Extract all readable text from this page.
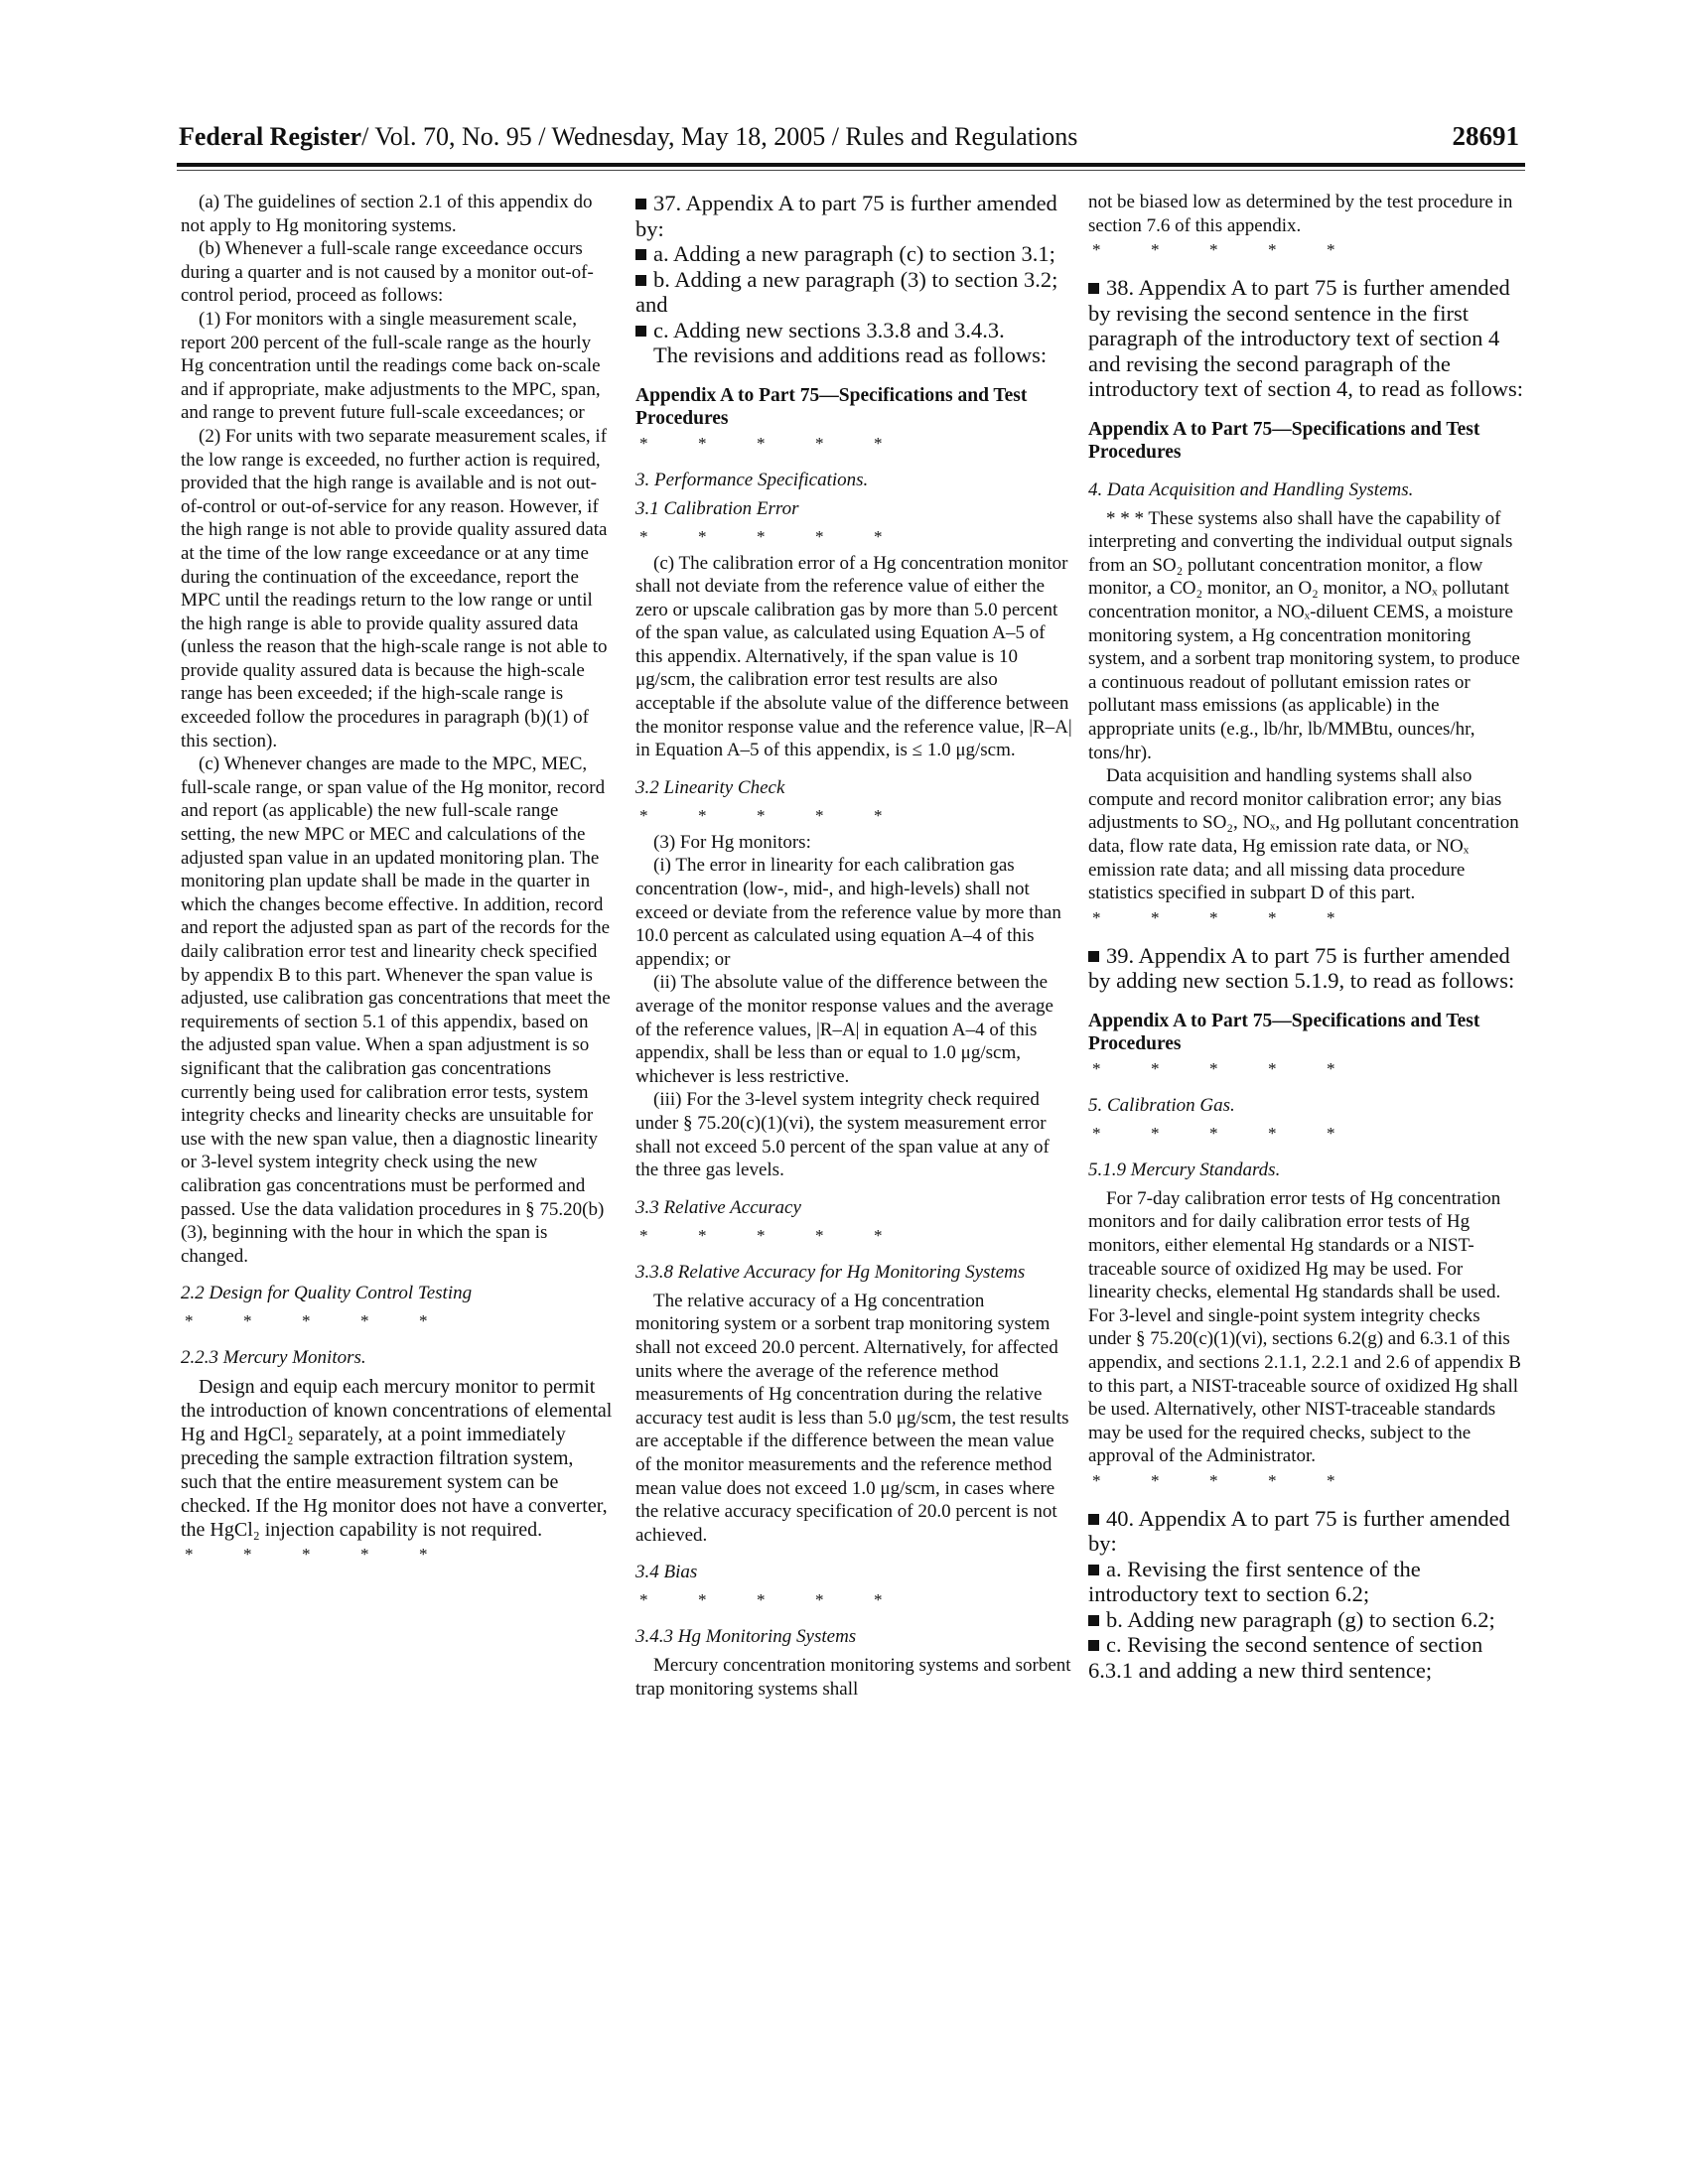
Federal Register/ Vol. 70, No. 95 / Wednesday, May 18, 2005 / Rules and Regulations	28691

(a) The guidelines of section 2.1 of this appendix do not apply to Hg monitoring systems.

(b) Whenever a full-scale range exceedance occurs during a quarter and is not caused by a monitor out-of-control period, proceed as follows:

(1) For monitors with a single measurement scale, report 200 percent of the full-scale range as the hourly Hg concentration until the readings come back on-scale and if appropriate, make adjustments to the MPC, span, and range to prevent future full-scale exceedances; or

(2) For units with two separate measurement scales, if the low range is exceeded, no further action is required, provided that the high range is available and is not out-of-control or out-of-service for any reason. However, if the high range is not able to provide quality assured data at the time of the low range exceedance or at any time during the continuation of the exceedance, report the MPC until the readings return to the low range or until the high range is able to provide quality assured data (unless the reason that the high-scale range is not able to provide quality assured data is because the high-scale range has been exceeded; if the high-scale range is exceeded follow the procedures in paragraph (b)(1) of this section).

(c) Whenever changes are made to the MPC, MEC, full-scale range, or span value of the Hg monitor, record and report (as applicable) the new full-scale range setting, the new MPC or MEC and calculations of the adjusted span value in an updated monitoring plan. The monitoring plan update shall be made in the quarter in which the changes become effective. In addition, record and report the adjusted span as part of the records for the daily calibration error test and linearity check specified by appendix B to this part. Whenever the span value is adjusted, use calibration gas concentrations that meet the requirements of section 5.1 of this appendix, based on the adjusted span value. When a span adjustment is so significant that the calibration gas concentrations currently being used for calibration error tests, system integrity checks and linearity checks are unsuitable for use with the new span value, then a diagnostic linearity or 3-level system integrity check using the new calibration gas concentrations must be performed and passed. Use the data validation procedures in § 75.20(b)(3), beginning with the hour in which the span is changed.

2.2 Design for Quality Control Testing

*	*	*	*	*

2.2.3 Mercury Monitors.

Design and equip each mercury monitor to permit the introduction of known concentrations of elemental Hg and HgCl₂ separately, at a point immediately preceding the sample extraction filtration system, such that the entire measurement system can be checked. If the Hg monitor does not have a converter, the HgCl₂ injection capability is not required.

*	*	*	*	*

37. Appendix A to part 75 is further amended by:

a. Adding a new paragraph (c) to section 3.1;

b. Adding a new paragraph (3) to section 3.2; and

c. Adding new sections 3.3.8 and 3.4.3.

The revisions and additions read as follows:

Appendix A to Part 75—Specifications and Test Procedures

*	*	*	*	*

3. Performance Specifications.

3.1 Calibration Error

*	*	*	*	*

(c) The calibration error of a Hg concentration monitor shall not deviate from the reference value of either the zero or upscale calibration gas by more than 5.0 percent of the span value, as calculated using Equation A–5 of this appendix. Alternatively, if the span value is 10 μg/scm, the calibration error test results are also acceptable if the absolute value of the difference between the monitor response value and the reference value, |R–A| in Equation A–5 of this appendix, is ≤ 1.0 μg/scm.

3.2 Linearity Check

*	*	*	*	*

(3) For Hg monitors:

(i) The error in linearity for each calibration gas concentration (low-, mid-, and high-levels) shall not exceed or deviate from the reference value by more than 10.0 percent as calculated using equation A–4 of this appendix; or

(ii) The absolute value of the difference between the average of the monitor response values and the average of the reference values, |R–A| in equation A–4 of this appendix, shall be less than or equal to 1.0 μg/scm, whichever is less restrictive.

(iii) For the 3-level system integrity check required under § 75.20(c)(1)(vi), the system measurement error shall not exceed 5.0 percent of the span value at any of the three gas levels.

3.3 Relative Accuracy

*	*	*	*	*

3.3.8 Relative Accuracy for Hg Monitoring Systems

The relative accuracy of a Hg concentration monitoring system or a sorbent trap monitoring system shall not exceed 20.0 percent. Alternatively, for affected units where the average of the reference method measurements of Hg concentration during the relative accuracy test audit is less than 5.0 μg/scm, the test results are acceptable if the difference between the mean value of the monitor measurements and the reference method mean value does not exceed 1.0 μg/scm, in cases where the relative accuracy specification of 20.0 percent is not achieved.

3.4 Bias

*	*	*	*	*

3.4.3 Hg Monitoring Systems

Mercury concentration monitoring systems and sorbent trap monitoring systems shall

not be biased low as determined by the test procedure in section 7.6 of this appendix.

*	*	*	*	*

38. Appendix A to part 75 is further amended by revising the second sentence in the first paragraph of the introductory text of section 4 and revising the second paragraph of the introductory text of section 4, to read as follows:

Appendix A to Part 75—Specifications and Test Procedures

4. Data Acquisition and Handling Systems.

* * * These systems also shall have the capability of interpreting and converting the individual output signals from an SO₂ pollutant concentration monitor, a flow monitor, a CO₂ monitor, an O₂ monitor, a NOₓ pollutant concentration monitor, a NOₓ-diluent CEMS, a moisture monitoring system, a Hg concentration monitoring system, and a sorbent trap monitoring system, to produce a continuous readout of pollutant emission rates or pollutant mass emissions (as applicable) in the appropriate units (e.g., lb/hr, lb/MMBtu, ounces/hr, tons/hr).

Data acquisition and handling systems shall also compute and record monitor calibration error; any bias adjustments to SO₂, NOₓ, and Hg pollutant concentration data, flow rate data, Hg emission rate data, or NOₓ emission rate data; and all missing data procedure statistics specified in subpart D of this part.

*	*	*	*	*

39. Appendix A to part 75 is further amended by adding new section 5.1.9, to read as follows:

Appendix A to Part 75—Specifications and Test Procedures

*	*	*	*	*

5. Calibration Gas.

*	*	*	*	*

5.1.9 Mercury Standards.

For 7-day calibration error tests of Hg concentration monitors and for daily calibration error tests of Hg monitors, either elemental Hg standards or a NIST-traceable source of oxidized Hg may be used. For linearity checks, elemental Hg standards shall be used. For 3-level and single-point system integrity checks under § 75.20(c)(1)(vi), sections 6.2(g) and 6.3.1 of this appendix, and sections 2.1.1, 2.2.1 and 2.6 of appendix B to this part, a NIST-traceable source of oxidized Hg shall be used. Alternatively, other NIST-traceable standards may be used for the required checks, subject to the approval of the Administrator.

*	*	*	*	*

40. Appendix A to part 75 is further amended by:

a. Revising the first sentence of the introductory text to section 6.2;

b. Adding new paragraph (g) to section 6.2;

c. Revising the second sentence of section 6.3.1 and adding a new third sentence;
